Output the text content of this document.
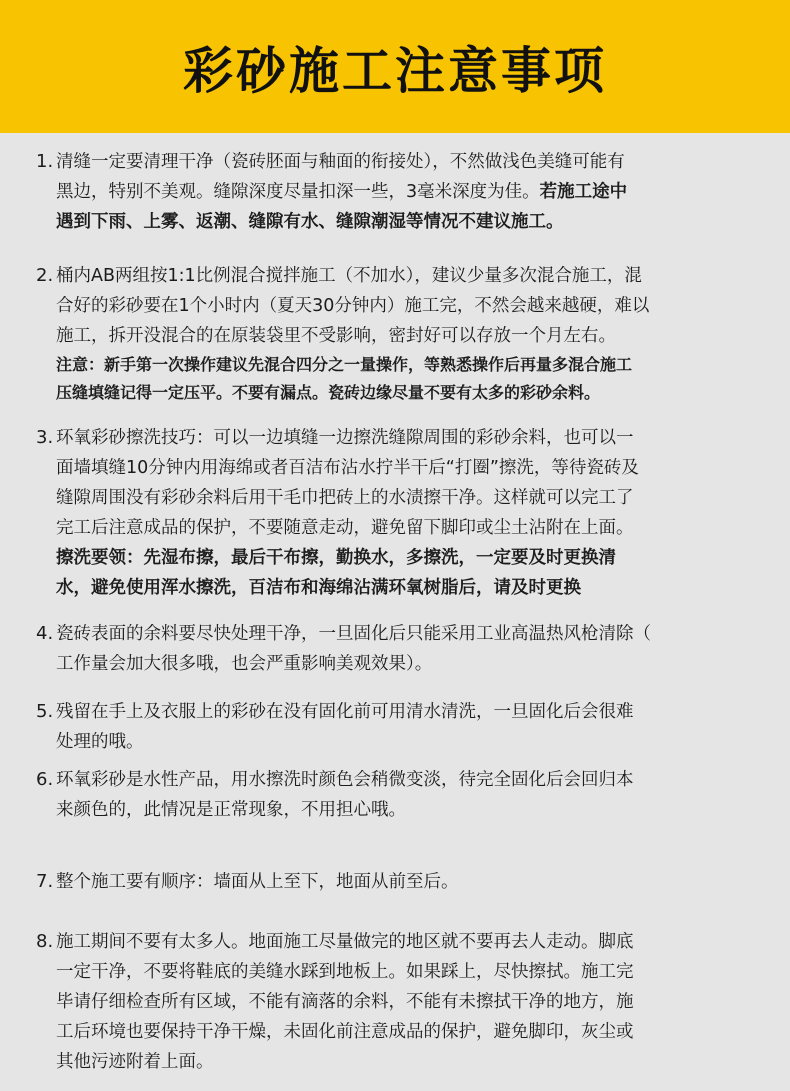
彩砂施工注意事项
1. 清缝一定要清理干净（瓷砖胚面与釉面的衔接处），不然做浅色美缝可能有
黑边，特别不美观。缝隙深度尽量扣深一些，3毫米深度为佳。若施工途中
遇到下雨、上雾、返潮、缝隙有水、缝隙潮湿等情况不建议施工。
2. 桶内AB两组按1:1比例混合搅拌施工（不加水），建议少量多次混合施工，混
合好的彩砂要在1个小时内（夏天30分钟内）施工完，不然会越来越硬，难以
施工，拆开没混合的在原装袋里不受影响，密封好可以存放一个月左右。
注意：新手第一次操作建议先混合四分之一量操作，等熟悉操作后再量多混合施工
压缝填缝记得一定压平。不要有漏点。瓷砖边缘尽量不要有太多的彩砂余料。
3. 环氧彩砂擦洗技巧：可以一边填缝一边擦洗缝隙周围的彩砂余料，也可以一
面墙填缝10分钟内用海绵或者百洁布沾水拧半干后“打圈”擦洗，等待瓷砖及
缝隙周围没有彩砂余料后用干毛巾把砖上的水渍擦干净。这样就可以完工了
完工后注意成品的保护，不要随意走动，避免留下脚印或尘土沾附在上面。
擦洗要领：先湿布擦，最后干布擦，勤换水，多擦洗，一定要及时更换清
水，避免使用浑水擦洗，百洁布和海绵沾满环氧树脂后，请及时更换
4. 瓷砖表面的余料要尽快处理干净，一旦固化后只能采用工业高温热风枪清除（
工作量会加大很多哦，也会严重影响美观效果）。
5. 残留在手上及衣服上的彩砂在没有固化前可用清水清洗，一旦固化后会很难
处理的哦。
6. 环氧彩砂是水性产品，用水擦洗时颜色会稍微变淡，待完全固化后会回归本
来颜色的，此情况是正常现象，不用担心哦。
7. 整个施工要有顺序：墙面从上至下，地面从前至后。
8. 施工期间不要有太多人。地面施工尽量做完的地区就不要再去人走动。脚底
一定干净，不要将鞋底的美缝水踩到地板上。如果踩上，尽快擦拭。施工完
毕请仔细检查所有区域，不能有滴落的余料，不能有未擦拭干净的地方，施
工后环境也要保持干净干燥，未固化前注意成品的保护，避免脚印，灰尘或
其他污迹附着上面。
